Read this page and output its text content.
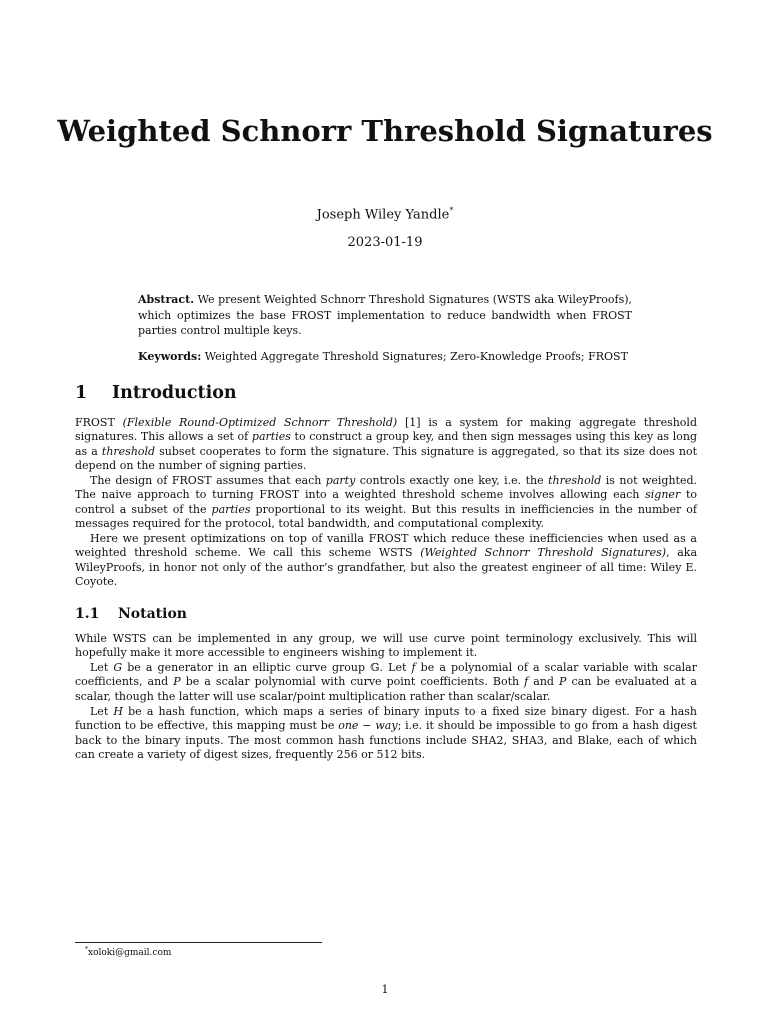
Weighted Schnorr Threshold Signatures
Joseph Wiley Yandle*
2023-01-19
Abstract. We present Weighted Schnorr Threshold Signatures (WSTS aka WileyProofs), which optimizes the base FROST implementation to reduce bandwidth when FROST parties control multiple keys.
Keywords: Weighted Aggregate Threshold Signatures; Zero-Knowledge Proofs; FROST
1 Introduction

FROST (Flexible Round-Optimized Schnorr Threshold) [1] is a system for making aggregate threshold signatures. This allows a set of parties to construct a group key, and then sign messages using this key as long as a threshold subset cooperates to form the signature. This signature is aggregated, so that its size does not depend on the number of signing parties.

The design of FROST assumes that each party controls exactly one key, i.e. the threshold is not weighted. The naive approach to turning FROST into a weighted threshold scheme involves allowing each signer to control a subset of the parties proportional to its weight. But this results in inefficiencies in the number of messages required for the protocol, total bandwidth, and computational complexity.

Here we present optimizations on top of vanilla FROST which reduce these inefficiencies when used as a weighted threshold scheme. We call this scheme WSTS (Weighted Schnorr Threshold Signatures), aka WileyProofs, in honor not only of the author’s grandfather, but also the greatest engineer of all time: Wiley E. Coyote.

1.1 Notation

While WSTS can be implemented in any group, we will use curve point terminology exclusively. This will hopefully make it more accessible to engineers wishing to implement it.

Let G be a generator in an elliptic curve group 𝔾. Let f be a polynomial of a scalar variable with scalar coefficients, and P be a scalar polynomial with curve point coefficients. Both f and P can be evaluated at a scalar, though the latter will use scalar/point multiplication rather than scalar/scalar.

Let H be a hash function, which maps a series of binary inputs to a fixed size binary digest. For a hash function to be effective, this mapping must be one − way; i.e. it should be impossible to go from a hash digest back to the binary inputs. The most common hash functions include SHA2, SHA3, and Blake, each of which can create a variety of digest sizes, frequently 256 or 512 bits.

*xoloki@gmail.com
1
